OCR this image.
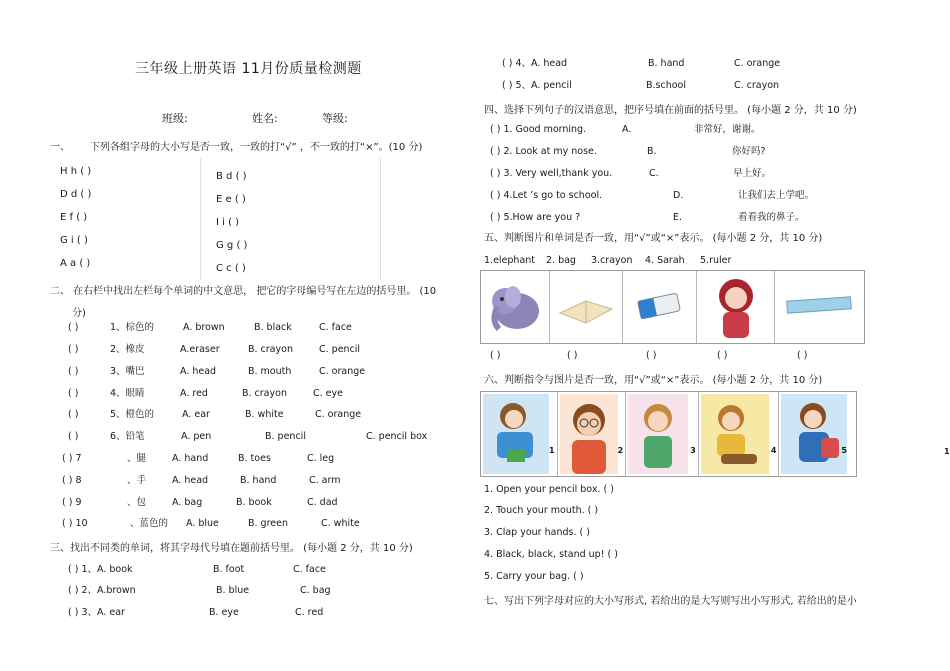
三年级上册英语 11月份质量检测题
班级:	姓名:	等级:
一、 下列各组字母的大小写是否一致，一致的打“√” ，不一致的打“×”。(10 分)
H h ( )
D d ( )
E f ( )
G i ( )
A a ( )
B d ( )
E e ( )
I i ( )
G g ( )
C c ( )
二、 在右栏中找出左栏每个单词的中文意思， 把它的字母编号写在左边的括号里。 (10
分)
( )	1、棕色的	A. brown	B. black	C. face
( )	2、橡皮	A.eraser	B. crayon	C. pencil
( )	3、嘴巴	A. head	B. mouth	C. orange
( )	4、眼睛	A. red	B. crayon	C. eye
( )	5、橙色的	A. ear	B. white	C. orange
( )	6、铅笔	A. pen	B. pencil	C. pencil box
( ) 7	、腿	A. hand	B. toes	C. leg
( ) 8	、手	A. head	B. hand	C. arm
( ) 9	、包	A. bag	B. book	C. dad
( ) 10	、蓝色的 A. blue	B. green	C. white
三、找出不同类的单词，将其字母代号填在题前括号里。 (每小题 2 分，共 10 分)
( ) 1、A. book	B. foot	C. face
( ) 2、A.brown	B. blue	C. bag
( ) 3、A. ear	B. eye	C. red
( ) 4、A. head	B. hand	C. orange
( ) 5、A. pencil	B.school	C. crayon
四、选择下列句子的汉语意思，把序号填在前面的括号里。 (每小题 2 分，共 10 分)
( ) 1. Good morning.	A.	非常好，谢谢。
( ) 2. Look at my nose.	B.	你好吗?
( ) 3. Very well,thank you.	C.	早上好。
( ) 4.Let ’s go to school.	D.	让我们去上学吧。
( ) 5.How are you ?	E.	看看我的鼻子。
五、判断图片和单词是否一致，用“√”或“×”表示。 (每小题 2 分，共 10 分)
1.elephant 2. bag 3.crayon 4. Sarah 5.ruler
( )	( )	( )	( )	( )
六、判断指令与图片是否一致，用“√”或“×”表示。 (每小题 2 分，共 10 分)
1	2	3	4	5	1
1. Open your pencil box. ( )
2. Touch your mouth. ( )
3. Clap your hands. ( )
4. Black, black, stand up! ( )
5. Carry your bag. ( )
七、写出下列字母对应的大小写形式, 若给出的是大写则写出小写形式, 若给出的是小
